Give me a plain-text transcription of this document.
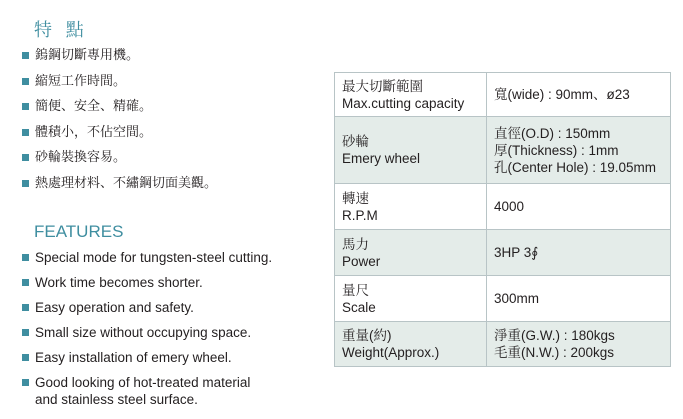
特 點
鎢鋼切斷專用機。
縮短工作時間。
簡便、安全、精確。
體積小，不佔空間。
砂輪裝換容易。
熱處理材料、不繡鋼切面美觀。
FEATURES
Special mode for tungsten-steel cutting.
Work time becomes shorter.
Easy operation and safety.
Small size without occupying space.
Easy installation of emery wheel.
Good looking of hot-treated material
and stainless steel surface.
最大切斷範圍
Max.cutting capacity	寬(wide) : 90mm、ø23
砂輪
Emery wheel	直徑(O.D) : 150mm
厚(Thickness) : 1mm
孔(Center Hole) : 19.05mm
轉速
R.P.M	4000
馬力
Power	3HP 3∮
量尺
Scale	300mm
重量(約)
Weight(Approx.)	淨重(G.W.) : 180kgs
毛重(N.W.) : 200kgs
